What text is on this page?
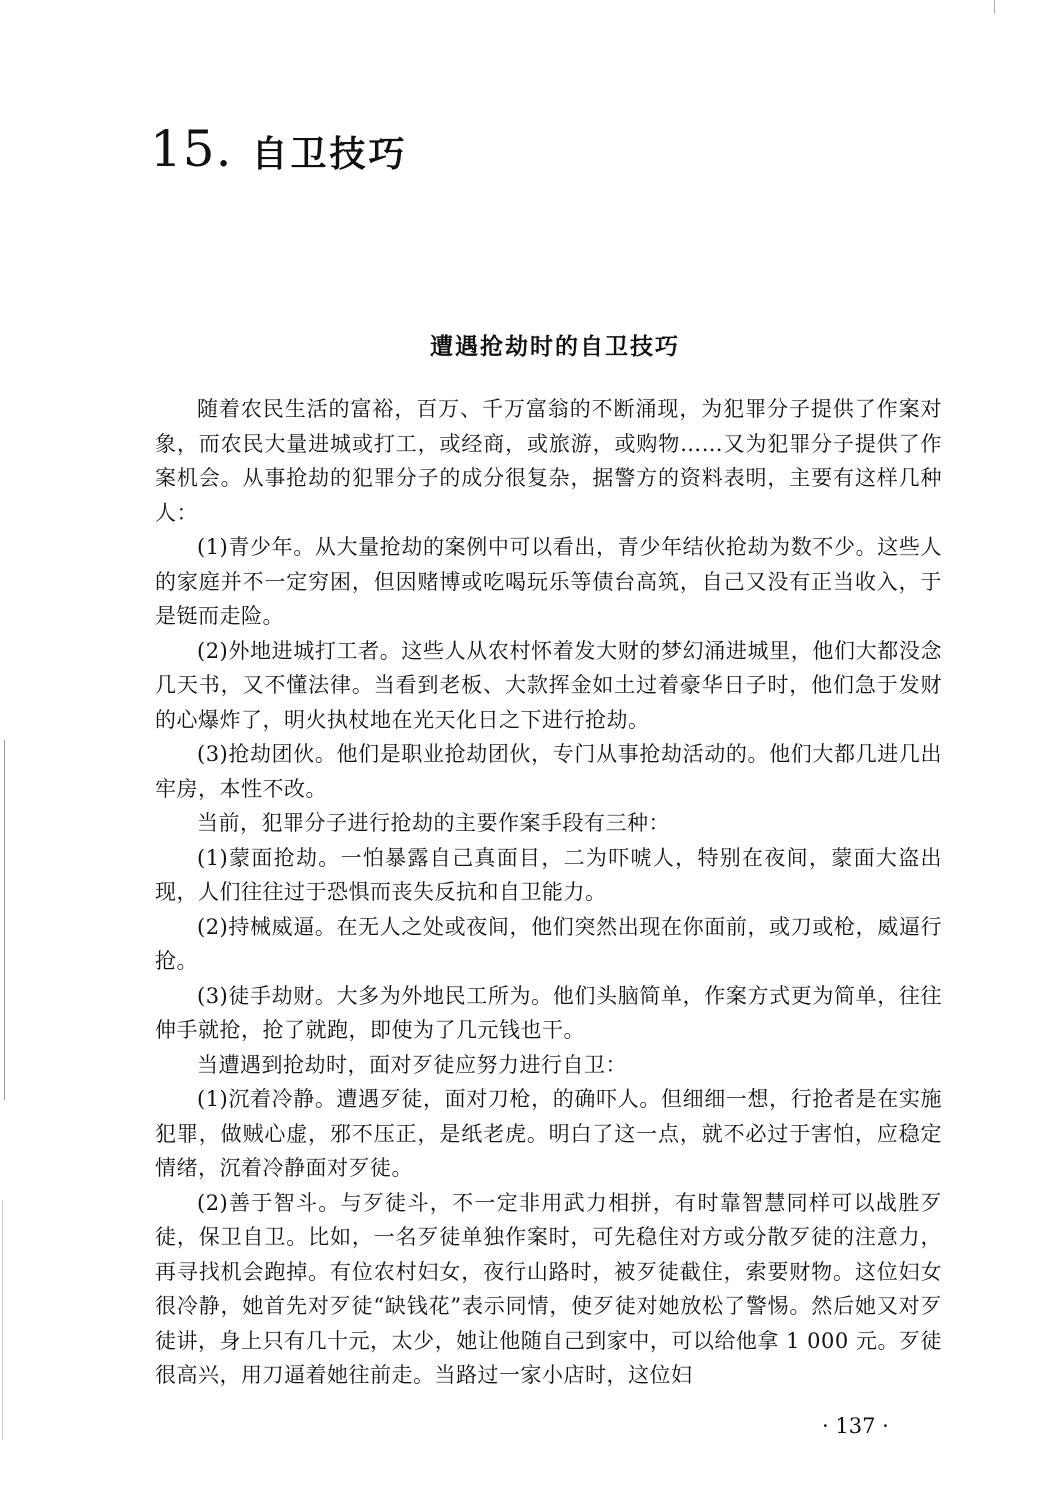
15 . 自卫技巧
遭遇抢劫时的自卫技巧

随着农民生活的富裕，百万、千万富翁的不断涌现，为犯罪分子提供了作案对象，而农民大量进城或打工，或经商，或旅游，或购物……又为犯罪分子提供了作案机会。从事抢劫的犯罪分子的成分很复杂，据警方的资料表明，主要有这样几种人：

(1)青少年。从大量抢劫的案例中可以看出，青少年结伙抢劫为数不少。这些人的家庭并不一定穷困，但因赌博或吃喝玩乐等债台高筑，自己又没有正当收入，于是铤而走险。

(2)外地进城打工者。这些人从农村怀着发大财的梦幻涌进城里，他们大都没念几天书，又不懂法律。当看到老板、大款挥金如土过着豪华日子时，他们急于发财的心爆炸了，明火执杖地在光天化日之下进行抢劫。

(3)抢劫团伙。他们是职业抢劫团伙，专门从事抢劫活动的。他们大都几进几出牢房，本性不改。

当前，犯罪分子进行抢劫的主要作案手段有三种：

(1)蒙面抢劫。一怕暴露自己真面目，二为吓唬人，特别在夜间，蒙面大盗出现，人们往往过于恐惧而丧失反抗和自卫能力。

(2)持械威逼。在无人之处或夜间，他们突然出现在你面前，或刀或枪，威逼行抢。

(3)徒手劫财。大多为外地民工所为。他们头脑简单，作案方式更为简单，往往伸手就抢，抢了就跑，即使为了几元钱也干。

当遭遇到抢劫时，面对歹徒应努力进行自卫：

(1)沉着冷静。遭遇歹徒，面对刀枪，的确吓人。但细细一想，行抢者是在实施犯罪，做贼心虚，邪不压正，是纸老虎。明白了这一点，就不必过于害怕，应稳定情绪，沉着冷静面对歹徒。

(2)善于智斗。与歹徒斗，不一定非用武力相拼，有时靠智慧同样可以战胜歹徒，保卫自卫。比如，一名歹徒单独作案时，可先稳住对方或分散歹徒的注意力，再寻找机会跑掉。有位农村妇女，夜行山路时，被歹徒截住，索要财物。这位妇女很冷静，她首先对歹徒“缺钱花”表示同情，使歹徒对她放松了警惕。然后她又对歹徒讲，身上只有几十元，太少，她让他随自己到家中，可以给他拿 1 000 元。歹徒很高兴，用刀逼着她往前走。当路过一家小店时，这位妇

· 137 ·
